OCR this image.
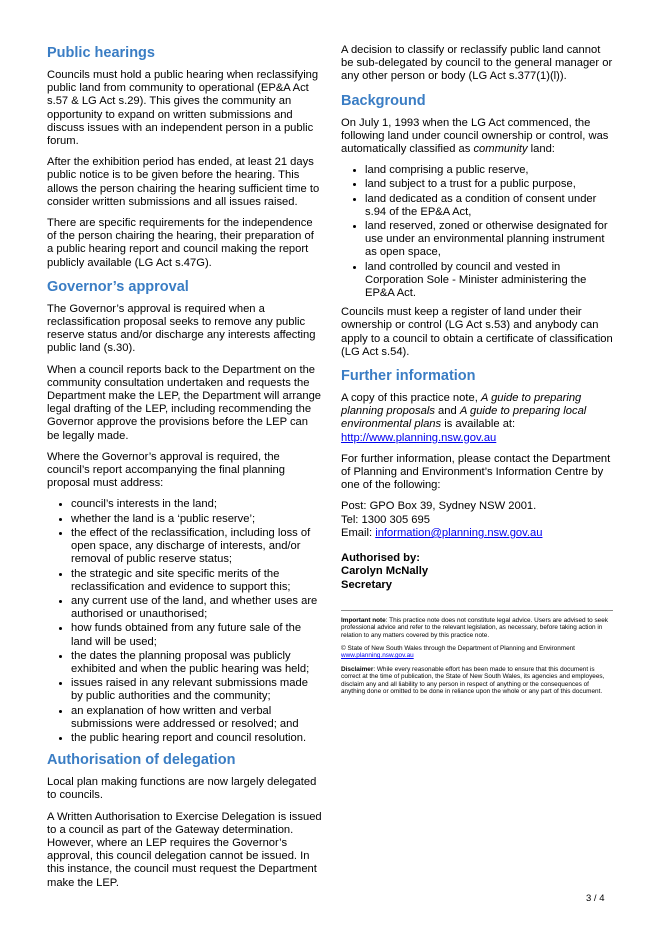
Public hearings

Councils must hold a public hearing when reclassifying public land from community to operational (EP&A Act s.57 & LG Act s.29). This gives the community an opportunity to expand on written submissions and discuss issues with an independent person in a public forum.

After the exhibition period has ended, at least 21 days public notice is to be given before the hearing. This allows the person chairing the hearing sufficient time to consider written submissions and all issues raised.

There are specific requirements for the independence of the person chairing the hearing, their preparation of a public hearing report and council making the report publicly available (LG Act s.47G).

Governor’s approval

The Governor’s approval is required when a reclassification proposal seeks to remove any public reserve status and/or discharge any interests affecting public land (s.30).

When a council reports back to the Department on the community consultation undertaken and requests the Department make the LEP, the Department will arrange legal drafting of the LEP, including recommending the Governor approve the provisions before the LEP can be legally made.

Where the Governor’s approval is required, the council’s report accompanying the final planning proposal must address:

• council’s interests in the land;
• whether the land is a ‘public reserve’;
• the effect of the reclassification, including loss of open space, any discharge of interests, and/or removal of public reserve status;
• the strategic and site specific merits of the reclassification and evidence to support this;
• any current use of the land, and whether uses are authorised or unauthorised;
• how funds obtained from any future sale of the land will be used;
• the dates the planning proposal was publicly exhibited and when the public hearing was held;
• issues raised in any relevant submissions made by public authorities and the community;
• an explanation of how written and verbal submissions were addressed or resolved; and
• the public hearing report and council resolution.
Authorisation of delegation

Local plan making functions are now largely delegated to councils.

A Written Authorisation to Exercise Delegation is issued to a council as part of the Gateway determination. However, where an LEP requires the Governor’s approval, this council delegation cannot be issued. In this instance, the council must request the Department make the LEP.

A decision to classify or reclassify public land cannot be sub-delegated by council to the general manager or any other person or body (LG Act s.377(1)(l)).

Background

On July 1, 1993 when the LG Act commenced, the following land under council ownership or control, was automatically classified as community land:

• land comprising a public reserve,
• land subject to a trust for a public purpose,
• land dedicated as a condition of consent under s.94 of the EP&A Act,
• land reserved, zoned or otherwise designated for use under an environmental planning instrument as open space,
• land controlled by council and vested in Corporation Sole - Minister administering the EP&A Act.

Councils must keep a register of land under their ownership or control (LG Act s.53) and anybody can apply to a council to obtain a certificate of classification (LG Act s.54).

Further information

A copy of this practice note, A guide to preparing planning proposals and A guide to preparing local environmental plans is available at:
http://www.planning.nsw.gov.au

For further information, please contact the Department of Planning and Environment’s Information Centre by one of the following:

Post: GPO Box 39, Sydney NSW 2001.
Tel: 1300 305 695
Email: information@planning.nsw.gov.au

Authorised by:
Carolyn McNally
Secretary

Important note: This practice note does not constitute legal advice. Users are advised to seek professional advice and refer to the relevant legislation, as necessary, before taking action in relation to any matters covered by this practice note.

© State of New South Wales through the Department of Planning and Environment
www.planning.nsw.gov.au

Disclaimer: While every reasonable effort has been made to ensure that this document is correct at the time of publication, the State of New South Wales, its agencies and employees, disclaim any and all liability to any person in respect of anything or the consequences of anything done or omitted to be done in reliance upon the whole or any part of this document.

3 / 4
